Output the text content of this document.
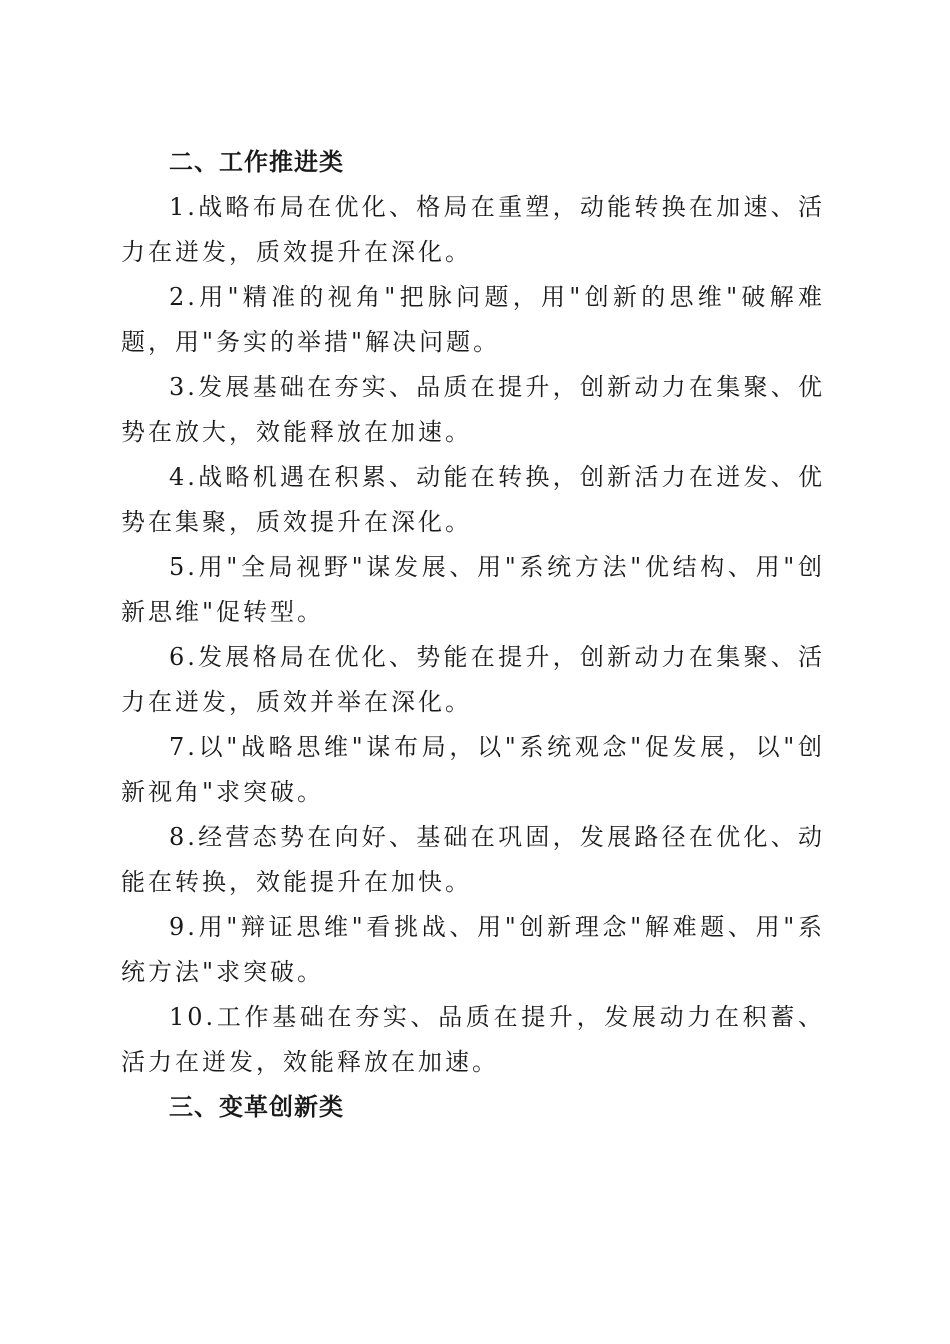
二、工作推进类

1.战略布局在优化、格局在重塑，动能转换在加速、活力在迸发，质效提升在深化。

2.用"精准的视角"把脉问题，用"创新的思维"破解难题，用"务实的举措"解决问题。

3.发展基础在夯实、品质在提升，创新动力在集聚、优势在放大，效能释放在加速。

4.战略机遇在积累、动能在转换，创新活力在迸发、优势在集聚，质效提升在深化。

5.用"全局视野"谋发展、用"系统方法"优结构、用"创新思维"促转型。

6.发展格局在优化、势能在提升，创新动力在集聚、活力在迸发，质效并举在深化。

7.以"战略思维"谋布局，以"系统观念"促发展，以"创新视角"求突破。

8.经营态势在向好、基础在巩固，发展路径在优化、动能在转换，效能提升在加快。

9.用"辩证思维"看挑战、用"创新理念"解难题、用"系统方法"求突破。

10.工作基础在夯实、品质在提升，发展动力在积蓄、活力在迸发，效能释放在加速。

三、变革创新类
